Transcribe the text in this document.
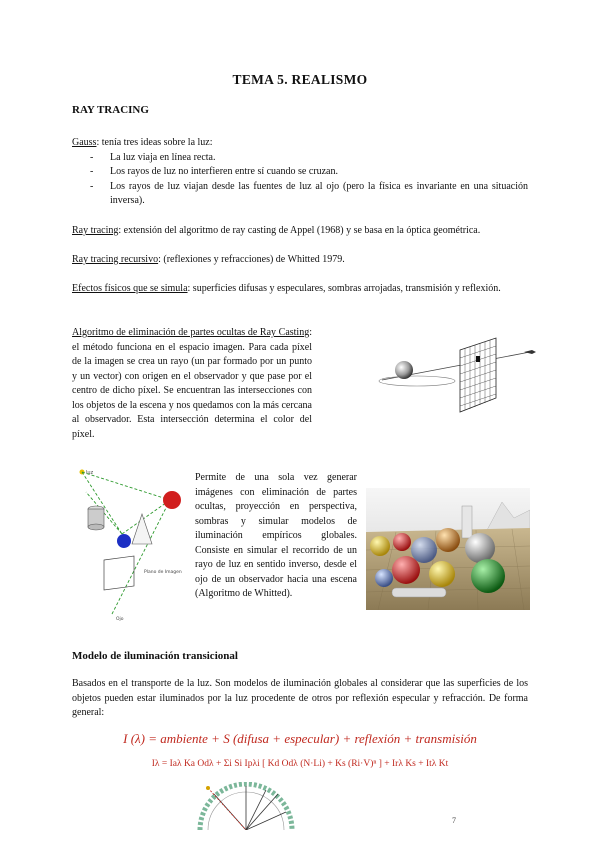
TEMA 5. REALISMO
RAY TRACING
Gauss: tenía tres ideas sobre la luz:
- La luz viaja en línea recta.
- Los rayos de luz no interfieren entre sí cuando se cruzan.
- Los rayos de luz viajan desde las fuentes de luz al ojo (pero la física es invariante en una situación inversa).
Ray tracing: extensión del algoritmo de ray casting de Appel (1968) y se basa en la óptica geométrica.
Ray tracing recursivo: (reflexiones y refracciones) de Whitted 1979.
Efectos físicos que se simula: superficies difusas y especulares, sombras arrojadas, transmisión y reflexión.
Algoritmo de eliminación de partes ocultas de Ray Casting: el método funciona en el espacio imagen. Para cada píxel de la imagen se crea un rayo (un par formado por un punto y un vector) con origen en el observador y que pase por el centro de dicho píxel. Se encuentran las intersecciones con los objetos de la escena y nos quedamos con la más cercana al observador. Esta intersección determina el color del píxel.
luz
Plano de Imagen
Ojo
Permite de una sola vez generar imágenes con eliminación de partes ocultas, proyección en perspectiva, sombras y simular modelos de iluminación empíricos globales. Consiste en simular el recorrido de un rayo de luz en sentido inverso, desde el ojo de un observador hacia una escena (Algoritmo de Whitted).
Modelo de iluminación transicional
Basados en el transporte de la luz. Son modelos de iluminación globales al considerar que las superficies de los objetos pueden estar iluminados por la luz procedente de otros por reflexión especular y refracción. De forma general:
I (λ) = ambiente + S (difusa + especular) + reflexión + transmisión
Iλ = Iaλ Ka Odλ + Σi Si Ipλi [ Kd Odλ (N·Li) + Ks (Ri·V)ⁿ ] + Irλ Ks + Itλ Kt
7
